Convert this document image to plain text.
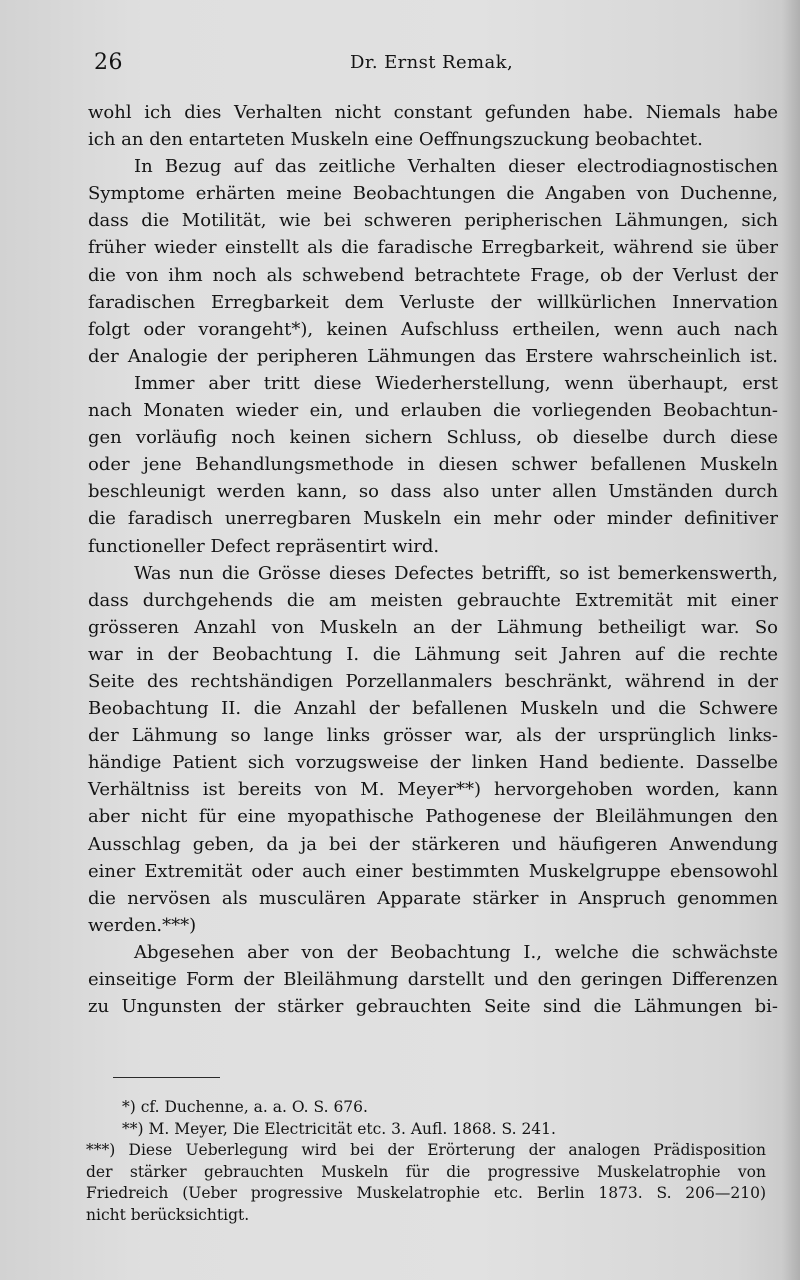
26	Dr. Ernst Remak,
wohl ich dies Verhalten nicht constant gefunden habe. Niemals habe
ich an den entarteten Muskeln eine Oeffnungszuckung beobachtet.
In Bezug auf das zeitliche Verhalten dieser electrodiagnostischen
Symptome erhärten meine Beobachtungen die Angaben von Duchenne,
dass die Motilität, wie bei schweren peripherischen Lähmungen, sich
früher wieder einstellt als die faradische Erregbarkeit, während sie über
die von ihm noch als schwebend betrachtete Frage, ob der Verlust der
faradischen Erregbarkeit dem Verluste der willkürlichen Innervation
folgt oder vorangeht*), keinen Aufschluss ertheilen, wenn auch nach
der Analogie der peripheren Lähmungen das Erstere wahrscheinlich ist.
Immer aber tritt diese Wiederherstellung, wenn überhaupt, erst
nach Monaten wieder ein, und erlauben die vorliegenden Beobachtun-
gen vorläufig noch keinen sichern Schluss, ob dieselbe durch diese
oder jene Behandlungsmethode in diesen schwer befallenen Muskeln
beschleunigt werden kann, so dass also unter allen Umständen durch
die faradisch unerregbaren Muskeln ein mehr oder minder definitiver
functioneller Defect repräsentirt wird.
Was nun die Grösse dieses Defectes betrifft, so ist bemerkenswerth,
dass durchgehends die am meisten gebrauchte Extremität mit einer
grösseren Anzahl von Muskeln an der Lähmung betheiligt war. So
war in der Beobachtung I. die Lähmung seit Jahren auf die rechte
Seite des rechtshändigen Porzellanmalers beschränkt, während in der
Beobachtung II. die Anzahl der befallenen Muskeln und die Schwere
der Lähmung so lange links grösser war, als der ursprünglich links-
händige Patient sich vorzugsweise der linken Hand bediente. Dasselbe
Verhältniss ist bereits von M. Meyer**) hervorgehoben worden, kann
aber nicht für eine myopathische Pathogenese der Bleilähmungen den
Ausschlag geben, da ja bei der stärkeren und häufigeren Anwendung
einer Extremität oder auch einer bestimmten Muskelgruppe ebensowohl
die nervösen als musculären Apparate stärker in Anspruch genommen
werden.***)
Abgesehen aber von der Beobachtung I., welche die schwächste
einseitige Form der Bleilähmung darstellt und den geringen Differenzen
zu Ungunsten der stärker gebrauchten Seite sind die Lähmungen bi-
*) cf. Duchenne, a. a. O. S. 676.
**) M. Meyer, Die Electricität etc. 3. Aufl. 1868. S. 241.
***) Diese Ueberlegung wird bei der Erörterung der analogen Prädisposition
der stärker gebrauchten Muskeln für die progressive Muskelatrophie von
Friedreich (Ueber progressive Muskelatrophie etc. Berlin 1873. S. 206—210)
nicht berücksichtigt.
